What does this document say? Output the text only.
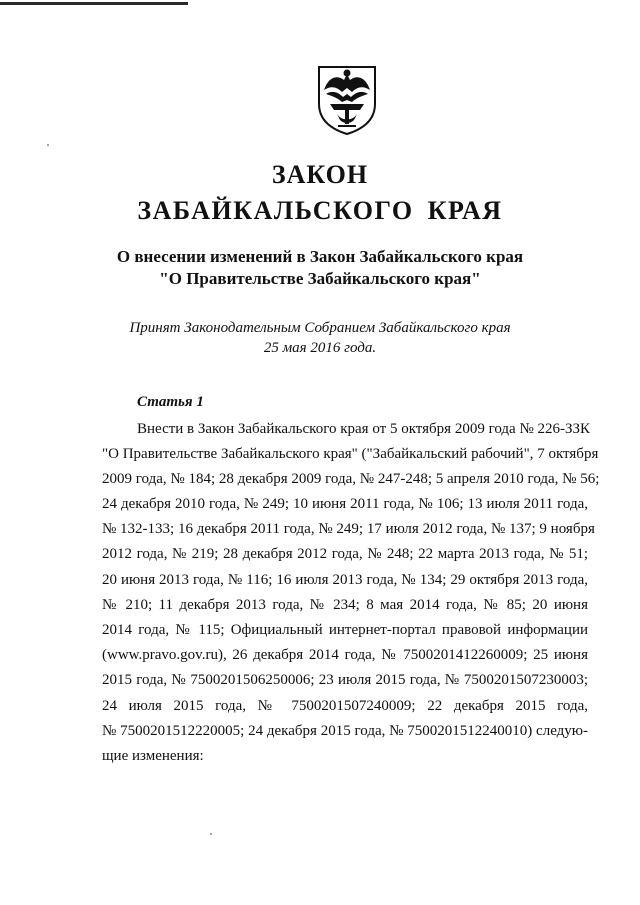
ЗАКОН
ЗАБАЙКАЛЬСКОГО КРАЯ
О внесении изменений в Закон Забайкальского края
"О Правительстве Забайкальского края"
Принят Законодательным Собранием Забайкальского края
25 мая 2016 года.
Статья 1
Внести в Закон Забайкальского края от 5 октября 2009 года № 226-ЗЗК
"О Правительстве Забайкальского края" ("Забайкальский рабочий", 7 октября
2009 года, № 184; 28 декабря 2009 года, № 247-248; 5 апреля 2010 года, № 56;
24 декабря 2010 года, № 249; 10 июня 2011 года, № 106; 13 июля 2011 года,
№ 132-133; 16 декабря 2011 года, № 249; 17 июля 2012 года, № 137; 9 ноября
2012 года, № 219; 28 декабря 2012 года, № 248; 22 марта 2013 года, № 51;
20 июня 2013 года, № 116; 16 июля 2013 года, № 134; 29 октября 2013 года,
№ 210; 11 декабря 2013 года, № 234; 8 мая 2014 года, № 85; 20 июня
2014 года, № 115; Официальный интернет-портал правовой информации
(www.pravo.gov.ru), 26 декабря 2014 года, № 7500201412260009; 25 июня
2015 года, № 7500201506250006; 23 июля 2015 года, № 7500201507230003;
24 июля 2015 года, № 7500201507240009; 22 декабря 2015 года,
№ 7500201512220005; 24 декабря 2015 года, № 7500201512240010) следую-
щие изменения:
